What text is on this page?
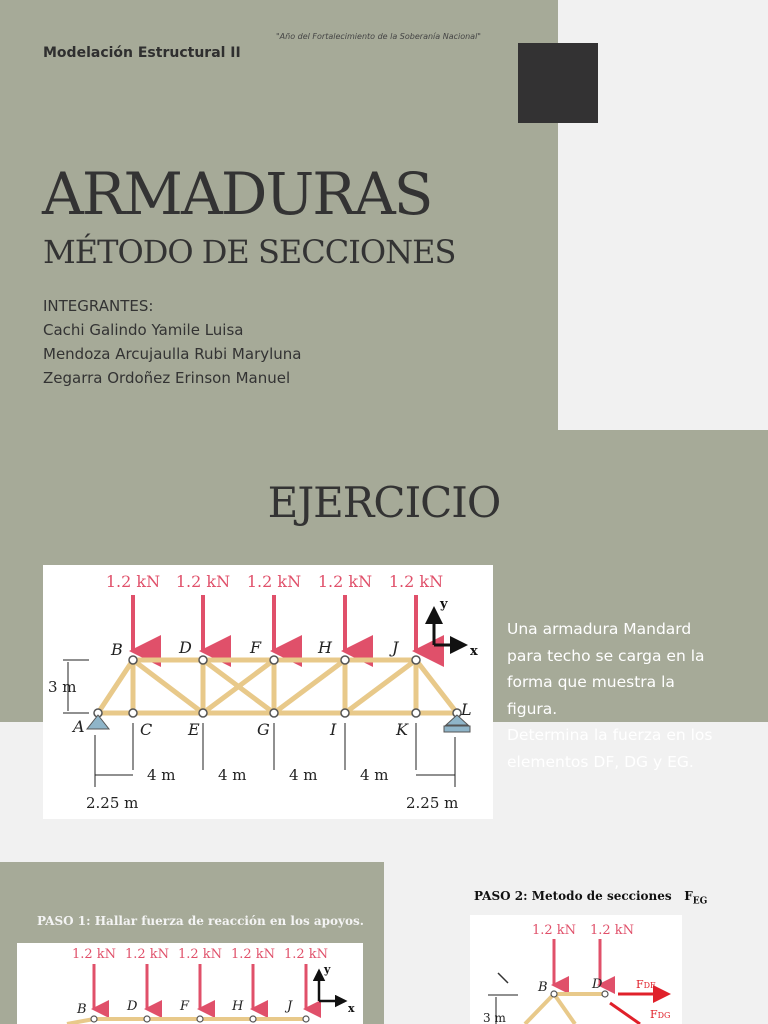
"Año del Fortalecimiento de la Soberanía Nacional"
Modelación Estructural II
ARMADURAS
MÉTODO DE SECCIONES
INTEGRANTES:
Cachi Galindo Yamile Luisa
Mendoza Arcujaulla Rubi Maryluna
Zegarra Ordoñez Erinson Manuel
EJERCICIO
1.2 kN 1.2 kN 1.2 kN 1.2 kN 1.2 kN
B	D	F	H	J
A	C E	G	I	K
L
3 m
4 m	4 m	4 m	4 m
2.25 m	2.25 m
y
x
Una armadura Mandard
para techo se carga en la
forma que muestra la
figura.
Determina la fuerza en los
elementos DF, DG y EG.
PASO 1: Hallar fuerza de reacción en los apoyos.
1.2 kN 1.2 kN 1.2 kN 1.2 kN 1.2 kN
B	D	F	H	J
y
x
PASO 2: Metodo de secciones $F_{EG}$
1.2 kN 1.2 kN
B	D
3 m
FDF
FDG
